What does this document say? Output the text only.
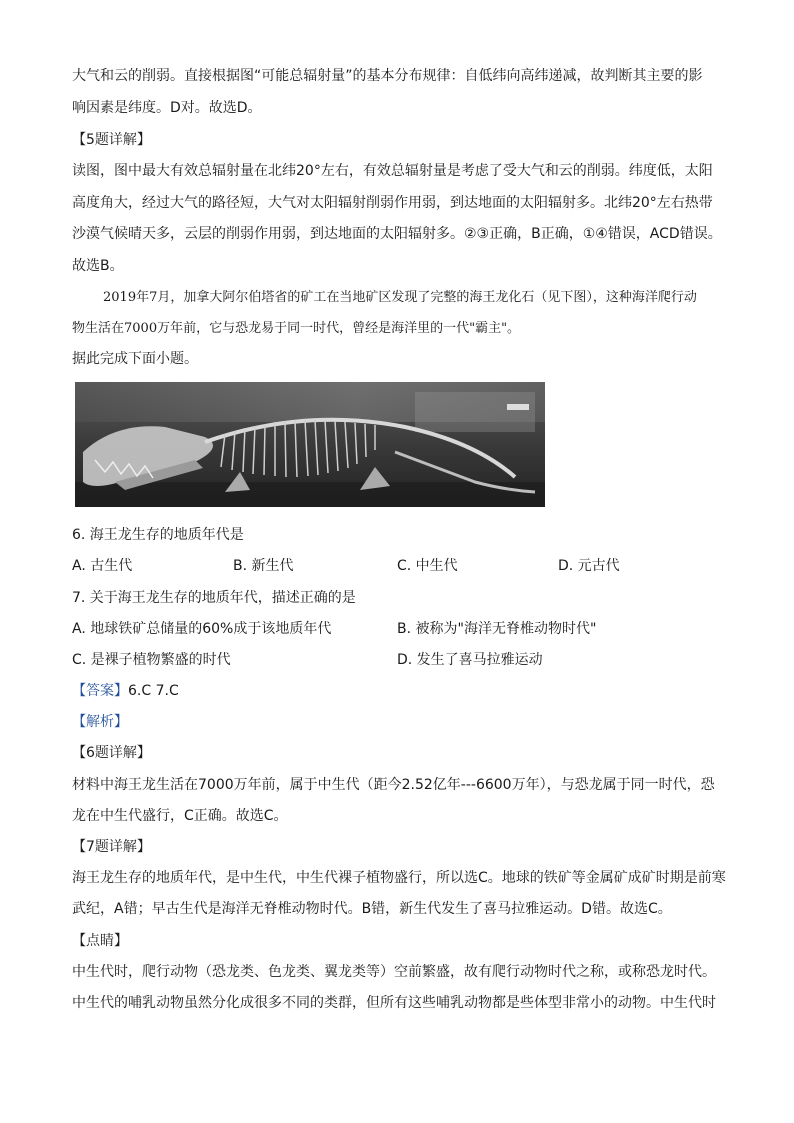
大气和云的削弱。直接根据图“可能总辐射量”的基本分布规律：自低纬向高纬递减，故判断其主要的影
响因素是纬度。D对。故选D。
【5题详解】
读图，图中最大有效总辐射量在北纬20°左右，有效总辐射量是考虑了受大气和云的削弱。纬度低，太阳
高度角大，经过大气的路径短，大气对太阳辐射削弱作用弱，到达地面的太阳辐射多。北纬20°左右热带
沙漠气候晴天多，云层的削弱作用弱，到达地面的太阳辐射多。②③正确，B正确，①④错误，ACD错误。
故选B。
2019年7月，加拿大阿尔伯塔省的矿工在当地矿区发现了完整的海王龙化石（见下图），这种海洋爬行动
物生活在7000万年前，它与恐龙易于同一时代，曾经是海洋里的一代"霸主"。
据此完成下面小题。
6. 海王龙生存的地质年代是
A. 古生代	B. 新生代	C. 中生代	D. 元古代
7. 关于海王龙生存的地质年代，描述正确的是
A. 地球铁矿总储量的60%成于该地质年代	B. 被称为"海洋无脊椎动物时代"
C. 是裸子植物繁盛的时代	D. 发生了喜马拉雅运动
【答案】6.C 7.C
【解析】
【6题详解】
材料中海王龙生活在7000万年前，属于中生代（距今2.52亿年---6600万年），与恐龙属于同一时代，恐
龙在中生代盛行，C正确。故选C。
【7题详解】
海王龙生存的地质年代，是中生代，中生代裸子植物盛行，所以选C。地球的铁矿等金属矿成矿时期是前寒
武纪，A错；早古生代是海洋无脊椎动物时代。B错，新生代发生了喜马拉雅运动。D错。故选C。
【点睛】
中生代时，爬行动物（恐龙类、色龙类、翼龙类等）空前繁盛，故有爬行动物时代之称，或称恐龙时代。
中生代的哺乳动物虽然分化成很多不同的类群，但所有这些哺乳动物都是些体型非常小的动物。中生代时
